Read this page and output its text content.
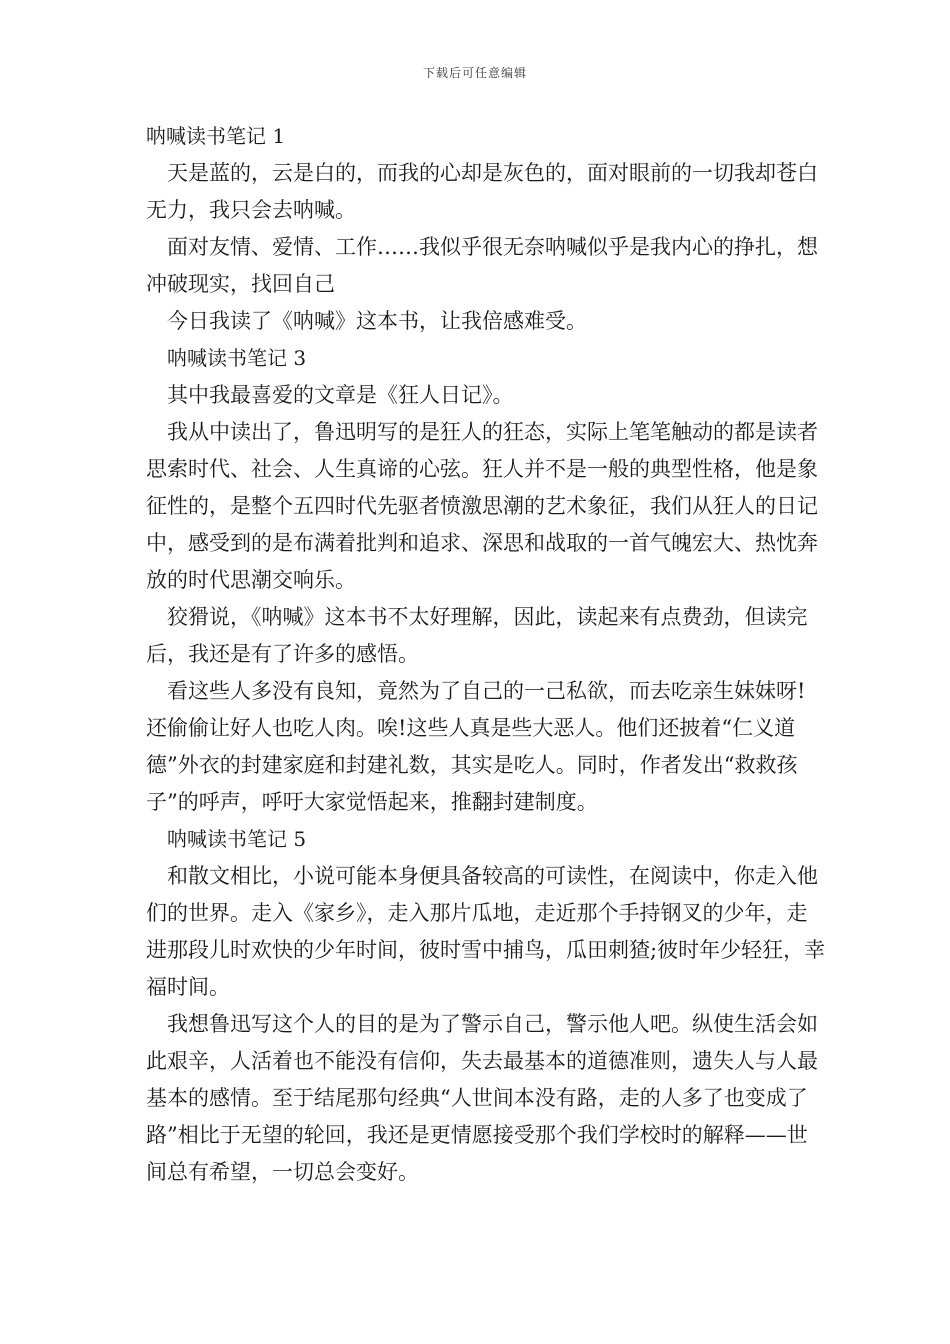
下载后可任意编辑

呐喊读书笔记 1

天是蓝的，云是白的，而我的心却是灰色的，面对眼前的一切我却苍白无力，我只会去呐喊。

面对友情、爱情、工作……我似乎很无奈呐喊似乎是我内心的挣扎，想冲破现实，找回自己

今日我读了《呐喊》这本书，让我倍感难受。

呐喊读书笔记 3

其中我最喜爱的文章是《狂人日记》。

我从中读出了，鲁迅明写的是狂人的狂态，实际上笔笔触动的都是读者思索时代、社会、人生真谛的心弦。狂人并不是一般的典型性格，他是象征性的，是整个五四时代先驱者愤激思潮的艺术象征，我们从狂人的日记中，感受到的是布满着批判和追求、深思和战取的一首气魄宏大、热忱奔放的时代思潮交响乐。

狡猾说，《呐喊》这本书不太好理解，因此，读起来有点费劲，但读完后，我还是有了许多的感悟。

看这些人多没有良知，竟然为了自己的一己私欲，而去吃亲生妹妹呀!还偷偷让好人也吃人肉。唉!这些人真是些大恶人。他们还披着“仁义道德”外衣的封建家庭和封建礼数，其实是吃人。同时，作者发出“救救孩子”的呼声，呼吁大家觉悟起来，推翻封建制度。

呐喊读书笔记 5

和散文相比，小说可能本身便具备较高的可读性，在阅读中，你走入他们的世界。走入《家乡》，走入那片瓜地，走近那个手持钢叉的少年，走进那段儿时欢快的少年时间，彼时雪中捕鸟，瓜田刺猹;彼时年少轻狂，幸福时间。

我想鲁迅写这个人的目的是为了警示自己，警示他人吧。纵使生活会如此艰辛，人活着也不能没有信仰，失去最基本的道德准则，遗失人与人最基本的感情。至于结尾那句经典“人世间本没有路，走的人多了也变成了路”相比于无望的轮回，我还是更情愿接受那个我们学校时的解释——世间总有希望，一切总会变好。
